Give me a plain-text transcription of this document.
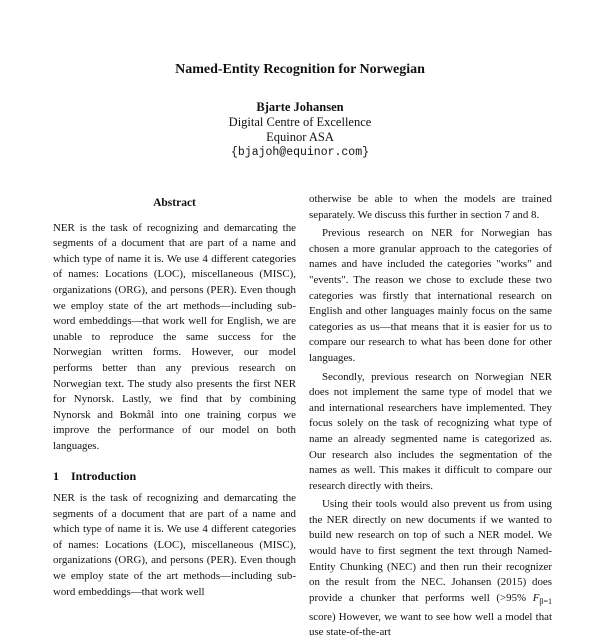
Named-Entity Recognition for Norwegian
Bjarte Johansen
Digital Centre of Excellence
Equinor ASA
{bjajoh@equinor.com}
Abstract

NER is the task of recognizing and demarcating the segments of a document that are part of a name and which type of name it is. We use 4 different categories of names: Locations (LOC), miscellaneous (MISC), organizations (ORG), and persons (PER). Even though we employ state of the art methods—including sub-word embeddings—that work well for English, we are unable to reproduce the same success for the Norwegian written forms. However, our model performs better than any previous research on Norwegian text. The study also presents the first NER for Nynorsk. Lastly, we find that by combining Nynorsk and Bokmål into one training corpus we improve the performance of our model on both languages.

1 Introduction

NER is the task of recognizing and demarcating the segments of a document that are part of a name and which type of name it is. We use 4 different categories of names: Locations (LOC), miscellaneous (MISC), organizations (ORG), and persons (PER). Even though we employ state of the art methods—including sub-word embeddings—that work well

otherwise be able to when the models are trained separately. We discuss this further in section 7 and 8.

Previous research on NER for Norwegian has chosen a more granular approach to the categories of names and have included the categories "works" and "events". The reason we chose to exclude these two categories was firstly that international research on English and other languages mainly focus on the same categories as us—that means that it is easier for us to compare our research to what has been done for other languages.

Secondly, previous research on Norwegian NER does not implement the same type of model that we and international researchers have implemented. They focus solely on the task of recognizing what type of name an already segmented name is categorized as. Our research also includes the segmentation of the names as well. This makes it difficult to compare our research directly with theirs.

Using their tools would also prevent us from using the NER directly on new documents if we wanted to build new research on top of such a NER model. We would have to first segment the text through Named-Entity Chunking (NEC) and then run their recognizer on the result from the NEC. Johansen (2015) does provide a chunker that performs well (>95% $F_{\beta=1}$ score) However, we want to see how well a model that use state-of-the-art
